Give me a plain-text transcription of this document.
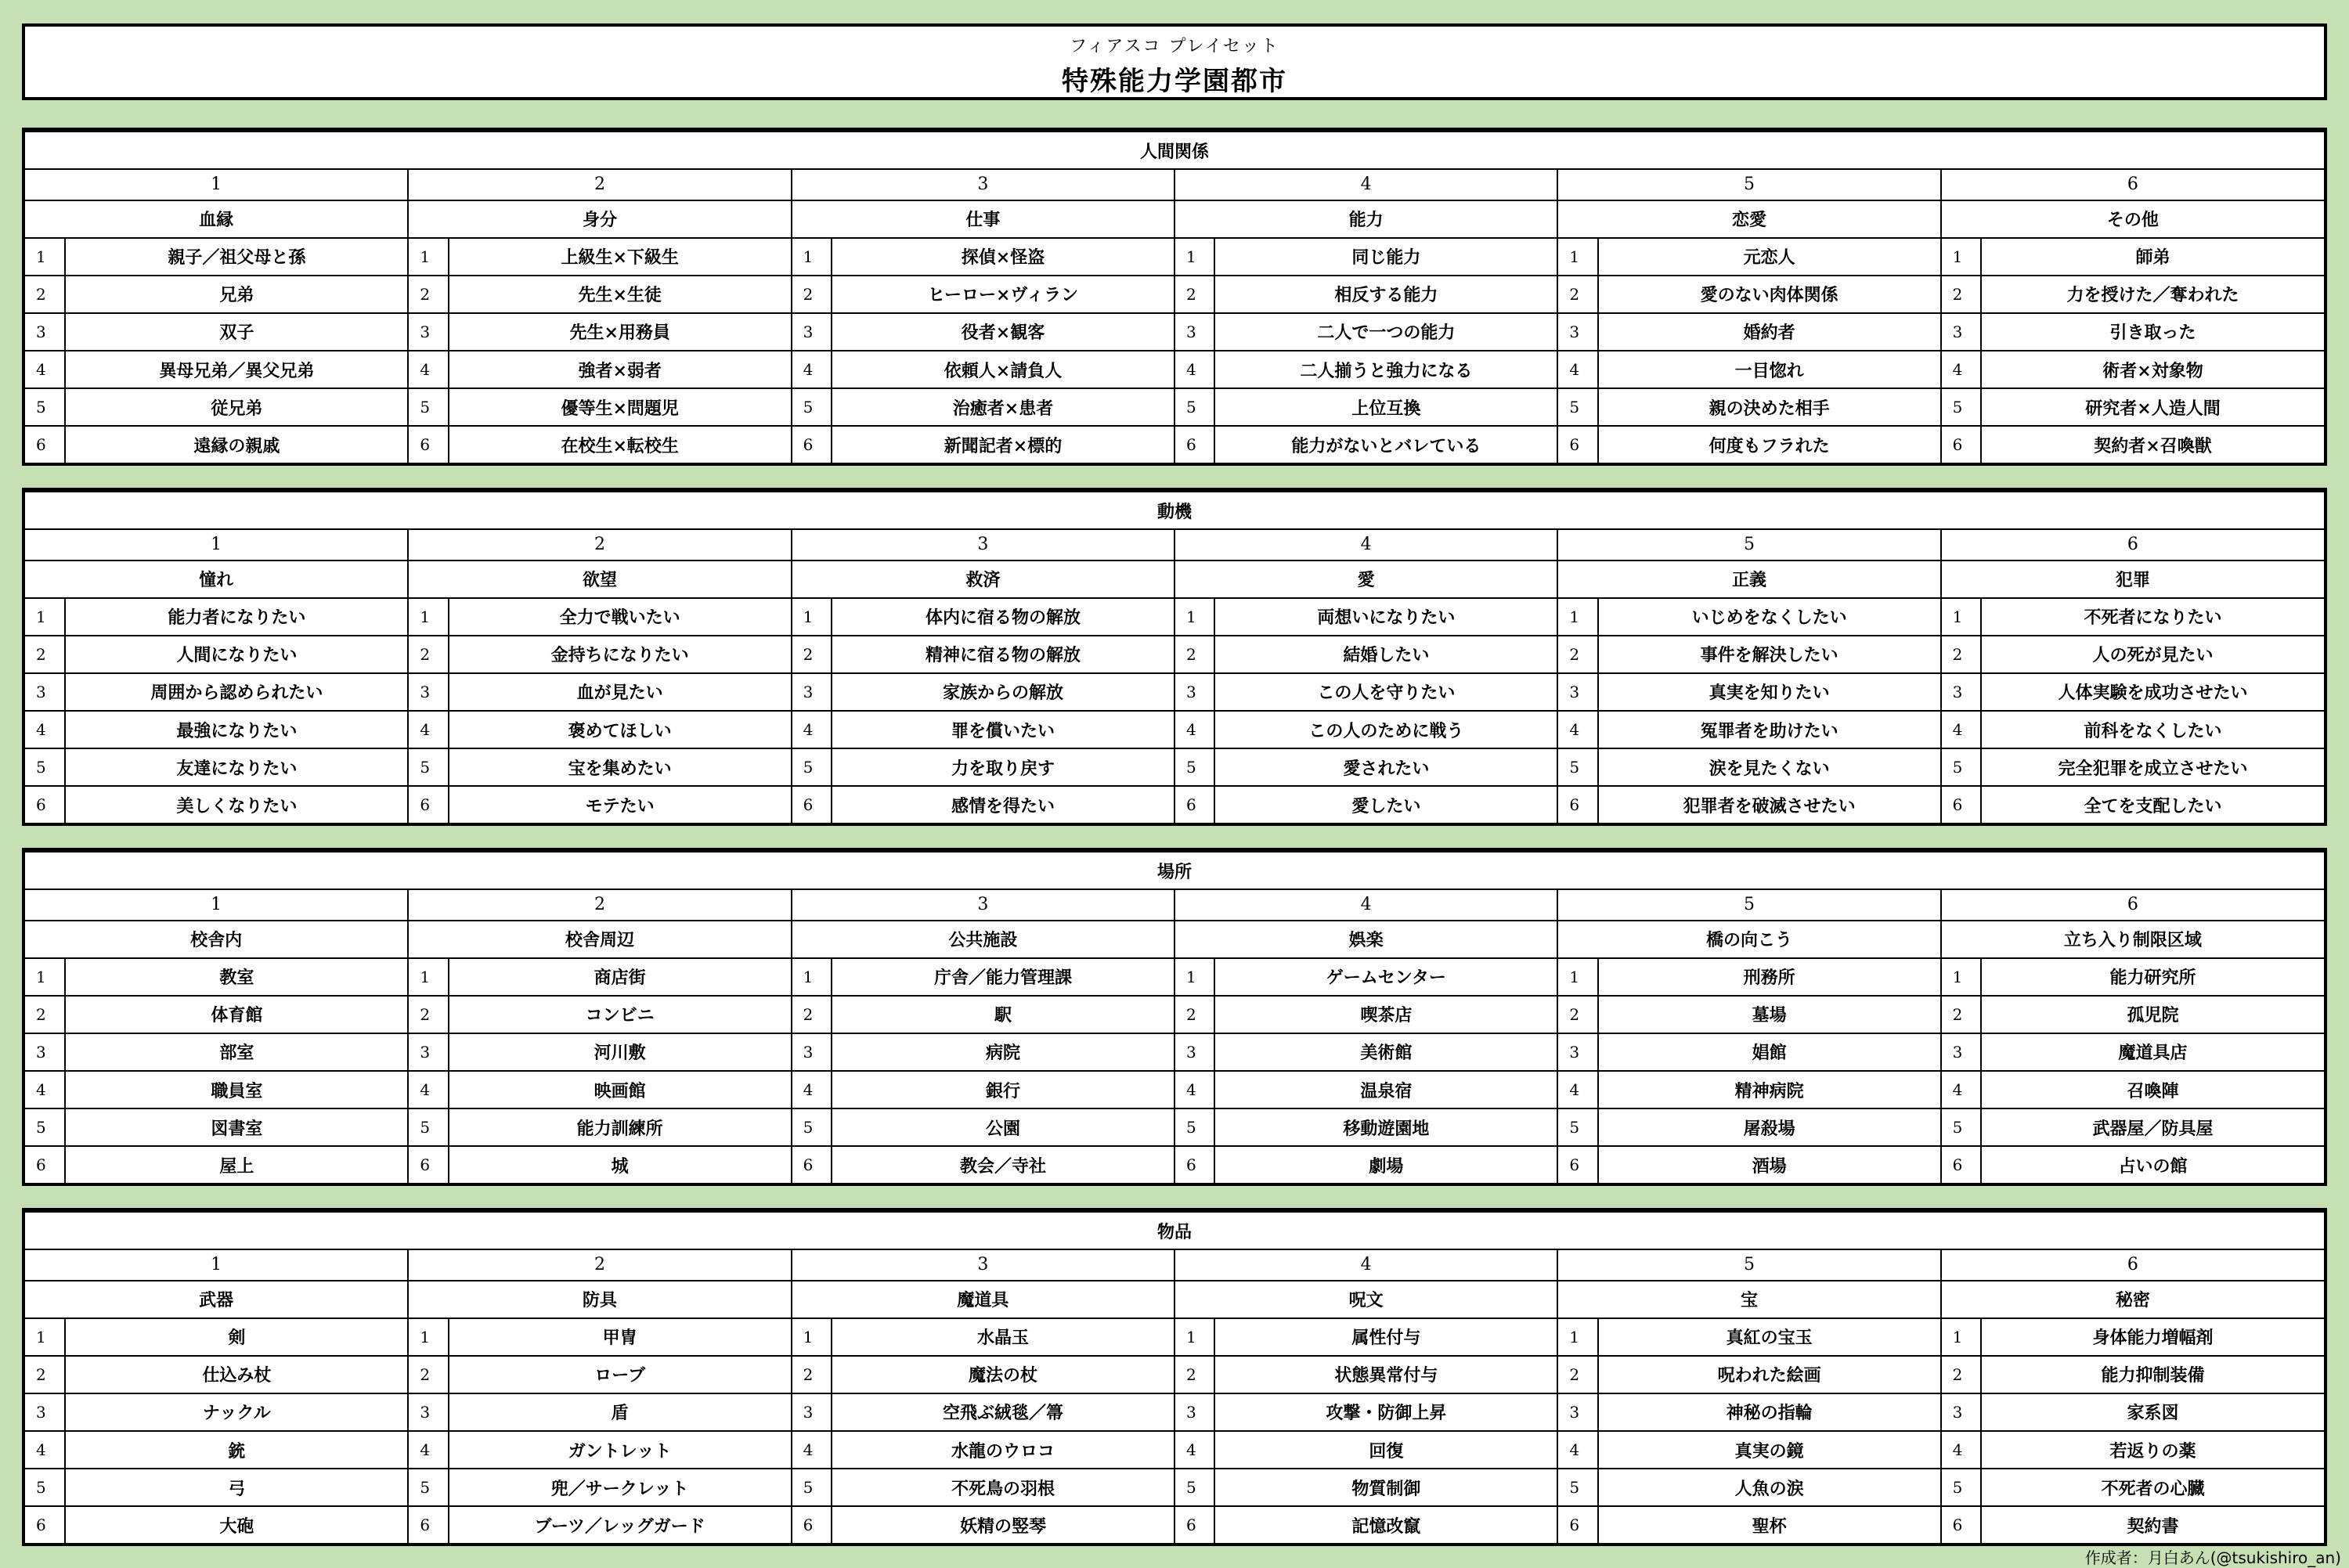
フィアスコ プレイセット
特殊能力学園都市
人間関係											
1		2		3		4		5		6	
血縁		身分		仕事		能力		恋愛		その他	
1	親子／祖父母と孫	1	上級生×下級生	1	探偵×怪盗	1	同じ能力	1	元恋人	1	師弟
2	兄弟	2	先生×生徒	2	ヒーロー×ヴィラン	2	相反する能力	2	愛のない肉体関係	2	力を授けた／奪われた
3	双子	3	先生×用務員	3	役者×観客	3	二人で一つの能力	3	婚約者	3	引き取った
4	異母兄弟／異父兄弟	4	強者×弱者	4	依頼人×請負人	4	二人揃うと強力になる	4	一目惚れ	4	術者×対象物
5	従兄弟	5	優等生×問題児	5	治癒者×患者	5	上位互換	5	親の決めた相手	5	研究者×人造人間
6	遠縁の親戚	6	在校生×転校生	6	新聞記者×標的	6	能力がないとバレている	6	何度もフラれた	6	契約者×召喚獣
動機											
1		2		3		4		5		6	
憧れ		欲望		救済		愛		正義		犯罪	
1	能力者になりたい	1	全力で戦いたい	1	体内に宿る物の解放	1	両想いになりたい	1	いじめをなくしたい	1	不死者になりたい
2	人間になりたい	2	金持ちになりたい	2	精神に宿る物の解放	2	結婚したい	2	事件を解決したい	2	人の死が見たい
3	周囲から認められたい	3	血が見たい	3	家族からの解放	3	この人を守りたい	3	真実を知りたい	3	人体実験を成功させたい
4	最強になりたい	4	褒めてほしい	4	罪を償いたい	4	この人のために戦う	4	冤罪者を助けたい	4	前科をなくしたい
5	友達になりたい	5	宝を集めたい	5	力を取り戻す	5	愛されたい	5	涙を見たくない	5	完全犯罪を成立させたい
6	美しくなりたい	6	モテたい	6	感情を得たい	6	愛したい	6	犯罪者を破滅させたい	6	全てを支配したい
場所											
1		2		3		4		5		6	
校舎内		校舎周辺		公共施設		娯楽		橋の向こう		立ち入り制限区域	
1	教室	1	商店街	1	庁舎／能力管理課	1	ゲームセンター	1	刑務所	1	能力研究所
2	体育館	2	コンビニ	2	駅	2	喫茶店	2	墓場	2	孤児院
3	部室	3	河川敷	3	病院	3	美術館	3	娼館	3	魔道具店
4	職員室	4	映画館	4	銀行	4	温泉宿	4	精神病院	4	召喚陣
5	図書室	5	能力訓練所	5	公園	5	移動遊園地	5	屠殺場	5	武器屋／防具屋
6	屋上	6	城	6	教会／寺社	6	劇場	6	酒場	6	占いの館
物品											
1		2		3		4		5		6	
武器		防具		魔道具		呪文		宝		秘密	
1	剣	1	甲冑	1	水晶玉	1	属性付与	1	真紅の宝玉	1	身体能力増幅剤
2	仕込み杖	2	ローブ	2	魔法の杖	2	状態異常付与	2	呪われた絵画	2	能力抑制装備
3	ナックル	3	盾	3	空飛ぶ絨毯／箒	3	攻撃・防御上昇	3	神秘の指輪	3	家系図
4	銃	4	ガントレット	4	水龍のウロコ	4	回復	4	真実の鏡	4	若返りの薬
5	弓	5	兜／サークレット	5	不死鳥の羽根	5	物質制御	5	人魚の涙	5	不死者の心臓
6	大砲	6	ブーツ／レッグガード	6	妖精の竪琴	6	記憶改竄	6	聖杯	6	契約書
作成者：月白あん(@tsukishiro_an)
